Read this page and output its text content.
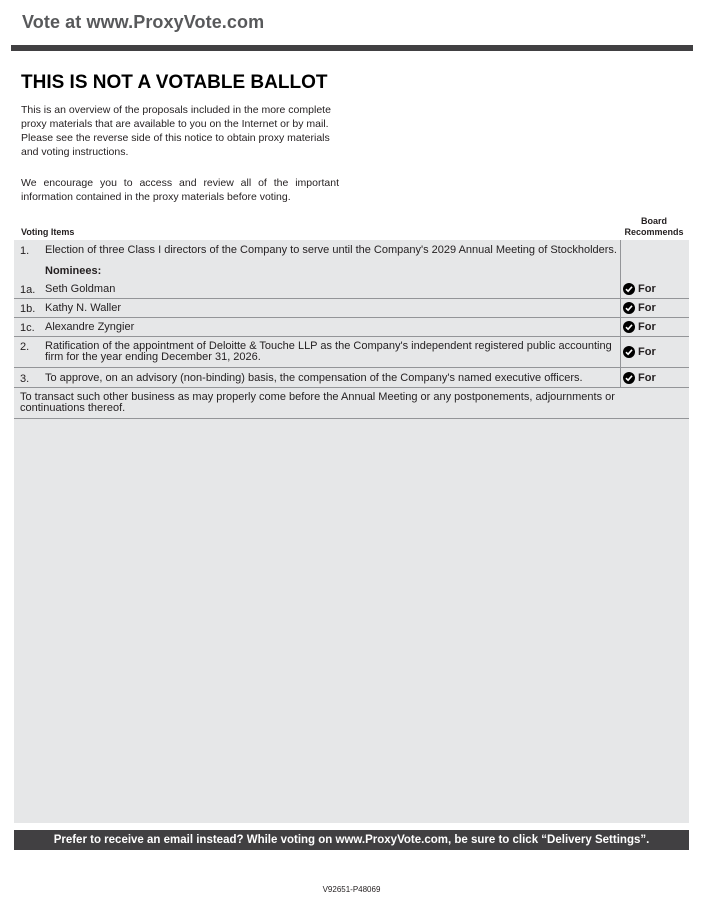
Vote at www.ProxyVote.com
THIS IS NOT A VOTABLE BALLOT

This is an overview of the proposals included in the more complete proxy materials that are available to you on the Internet or by mail. Please see the reverse side of this notice to obtain proxy materials and voting instructions.

We encourage you to access and review all of the important information contained in the proxy materials before voting.

Voting Items
Board
Recommends
1. Election of three Class I directors of the Company to serve until the Company's 2029 Annual Meeting of Stockholders.
Nominees:
1a. Seth Goldman	For
1b. Kathy N. Waller	For
1c. Alexandre Zyngier	For
2. Ratification of the appointment of Deloitte & Touche LLP as the Company's independent registered public accounting firm for the year ending December 31, 2026.	For
3. To approve, on an advisory (non-binding) basis, the compensation of the Company's named executive officers.	For

To transact such other business as may properly come before the Annual Meeting or any postponements, adjournments or continuations thereof.

Prefer to receive an email instead? While voting on www.ProxyVote.com, be sure to click “Delivery Settings”.
V92651-P48069
